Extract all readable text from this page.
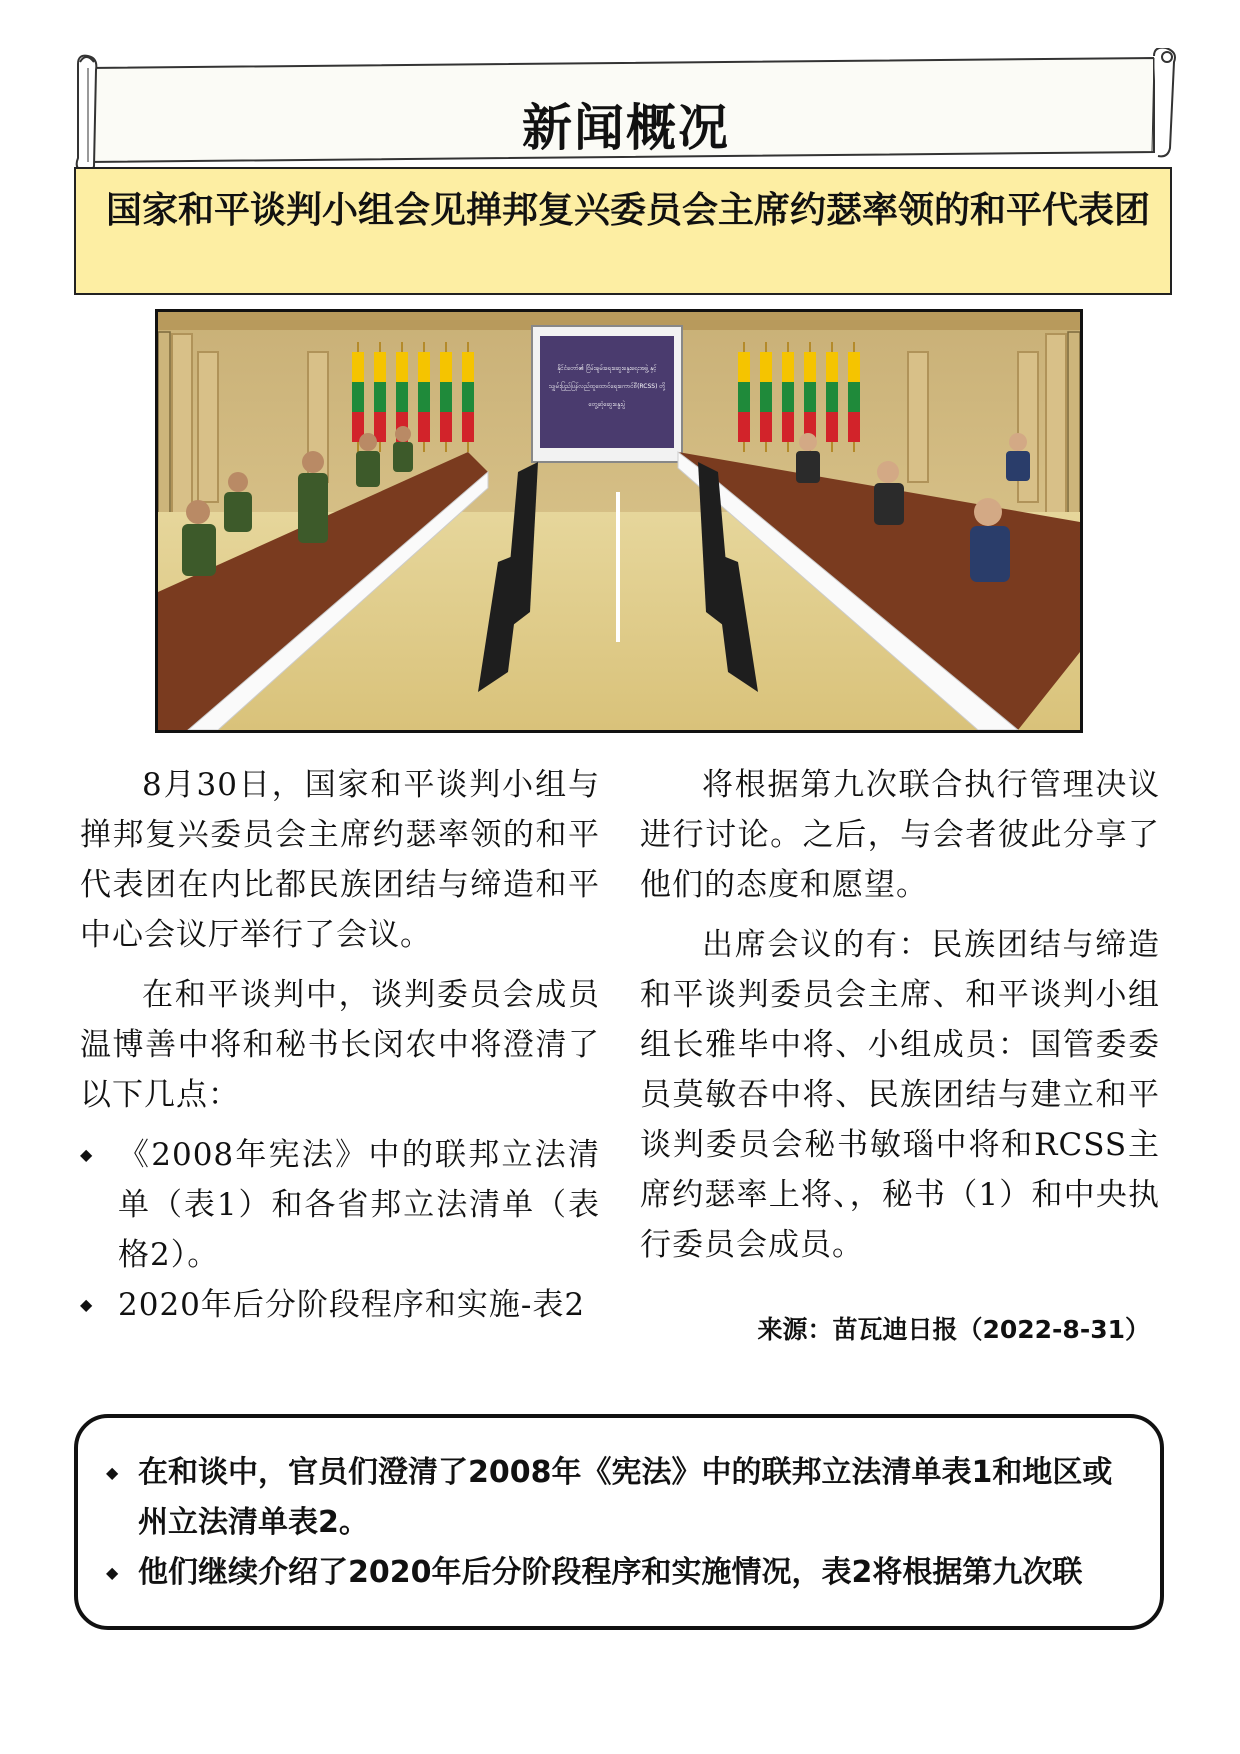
新闻概况
国家和平谈判小组会见掸邦复兴委员会主席约瑟率领的和平代表团
နိုင်ငံတော်၏ ငြိမ်းချမ်းရေးဆွေးနွေးရေးအဖွဲ့ နှင့်
သျှမ်းပြည်ပြန်လည်ထူထောင်ရေးကောင်စီ(RCSS) တို့
တွေ့ဆုံဆွေးနွေးပွဲ

8月30日，国家和平谈判小组与掸邦复兴委员会主席约瑟率领的和平代表团在内比都民族团结与缔造和平中心会议厅举行了会议。

在和平谈判中，谈判委员会成员温博善中将和秘书长闵农中将澄清了以下几点：

◆ 《2008年宪法》中的联邦立法清单（表1）和各省邦立法清单（表格2）。
◆ 2020年后分阶段程序和实施-表2

将根据第九次联合执行管理决议进行讨论。之后，与会者彼此分享了他们的态度和愿望。

出席会议的有：民族团结与缔造和平谈判委员会主席、和平谈判小组组长雅毕中将、小组成员：国管委委员莫敏吞中将、民族团结与建立和平谈判委员会秘书敏瑙中将和RCSS主席约瑟率上将、，秘书（1）和中央执行委员会成员。

来源：苗瓦迪日报（2022-8-31）
◆ 在和谈中，官员们澄清了2008年《宪法》中的联邦立法清单表1和地区或州立法清单表2。
◆ 他们继续介绍了2020年后分阶段程序和实施情况，表2将根据第九次联
